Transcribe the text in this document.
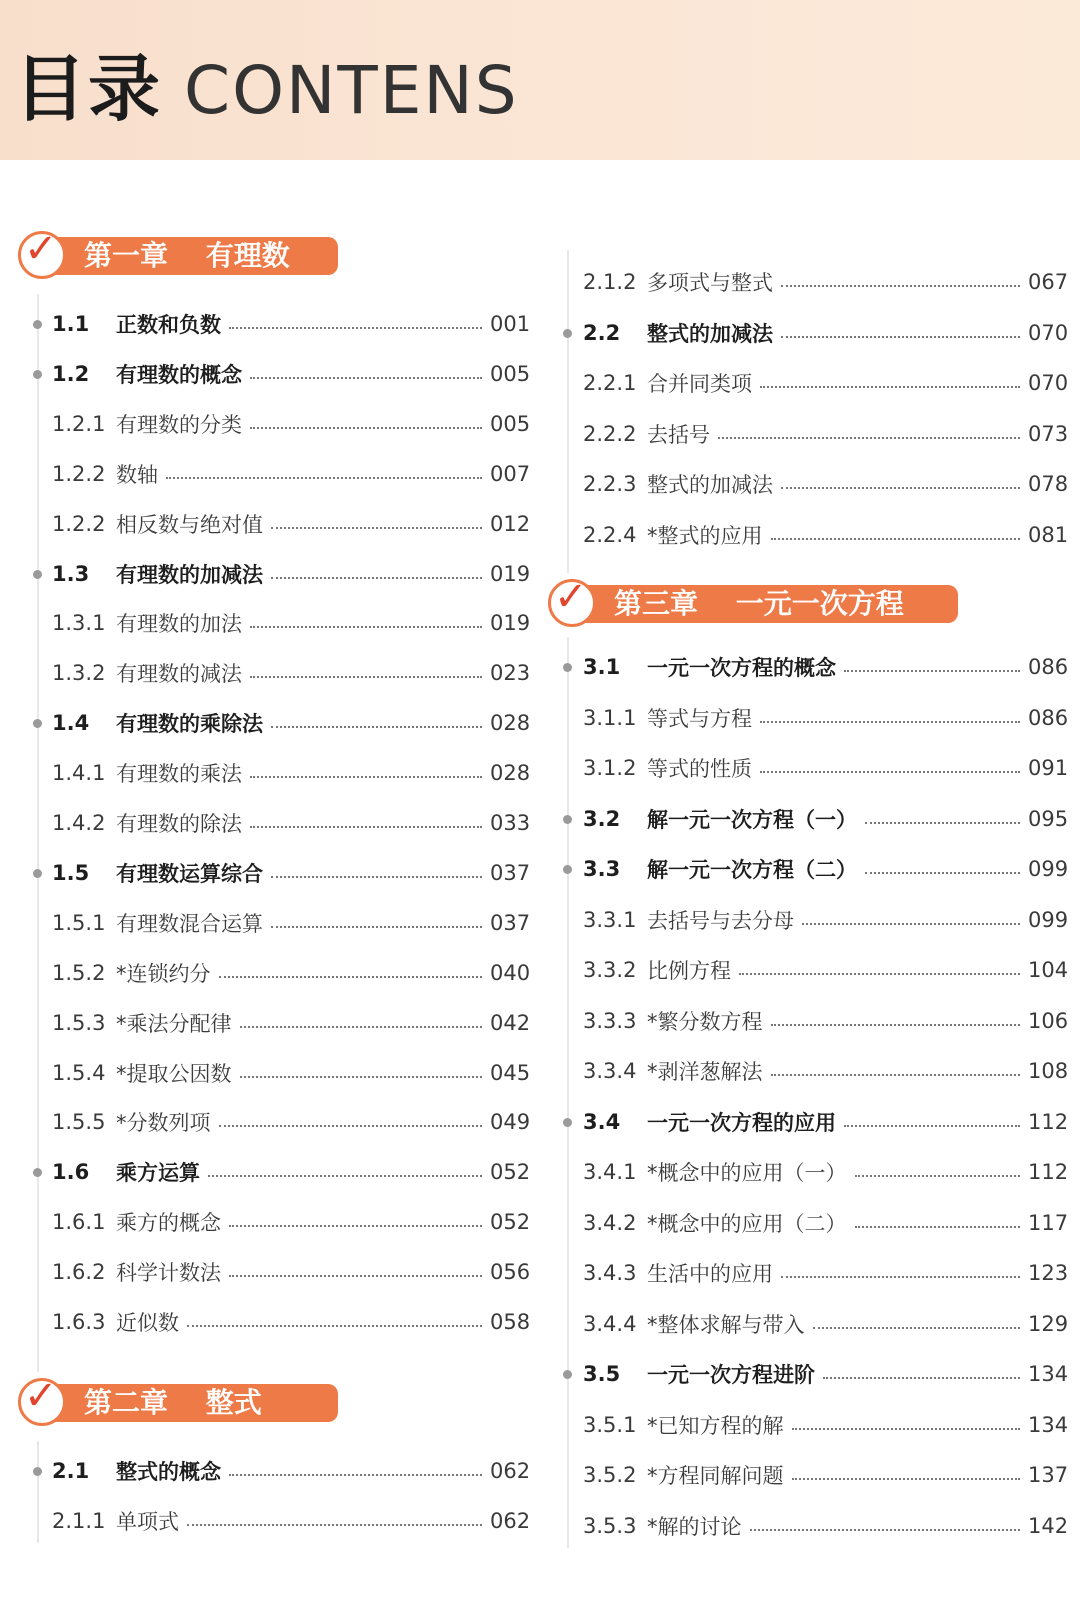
目录 CONTENS
✓ 第一章　 有理数
1.1	正数和负数	001
1.2	有理数的概念	005
1.2.1 有理数的分类	005
1.2.2 数轴	007
1.2.2 相反数与绝对值	012
1.3	有理数的加减法	019
1.3.1 有理数的加法	019
1.3.2 有理数的减法	023
1.4	有理数的乘除法	028
1.4.1 有理数的乘法	028
1.4.2 有理数的除法	033
1.5	有理数运算综合	037
1.5.1 有理数混合运算	037
1.5.2 *连锁约分	040
1.5.3 *乘法分配律	042
1.5.4 *提取公因数	045
1.5.5 *分数列项	049
1.6	乘方运算	052
1.6.1 乘方的概念	052
1.6.2 科学计数法	056
1.6.3 近似数	058
✓ 第二章　 整式
2.1	整式的概念	062
2.1.1 单项式	062
2.1.2 多项式与整式	067
2.2	整式的加减法	070
2.2.1 合并同类项	070
2.2.2 去括号	073
2.2.3 整式的加减法	078
2.2.4 *整式的应用	081
✓ 第三章　 一元一次方程
3.1	一元一次方程的概念	086
3.1.1 等式与方程	086
3.1.2 等式的性质	091
3.2	解一元一次方程（一）	095
3.3	解一元一次方程（二）	099
3.3.1 去括号与去分母	099
3.3.2 比例方程	104
3.3.3 *繁分数方程	106
3.3.4 *剥洋葱解法	108
3.4	一元一次方程的应用	112
3.4.1 *概念中的应用（一）	112
3.4.2 *概念中的应用（二）	117
3.4.3 生活中的应用	123
3.4.4 *整体求解与带入	129
3.5	一元一次方程进阶	134
3.5.1 *已知方程的解	134
3.5.2 *方程同解问题	137
3.5.3 *解的讨论	142
